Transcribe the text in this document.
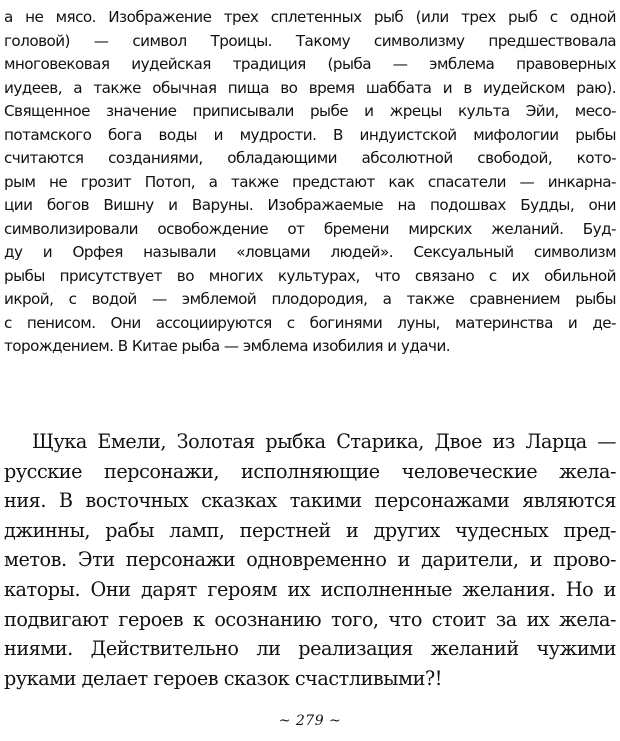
а не мясо. Изображение трех сплетенных рыб (или трех рыб с одной
головой) — символ Троицы. Такому символизму предшествовала
многовековая иудейская традиция (рыба — эмблема правоверных
иудеев, а также обычная пища во время шаббата и в иудейском раю).
Священное значение приписывали рыбе и жрецы культа Эйи, месо-
потамского бога воды и мудрости. В индуистской мифологии рыбы
считаются созданиями, обладающими абсолютной свободой, кото-
рым не грозит Потоп, а также предстают как спасатели — инкарна-
ции богов Вишну и Варуны. Изображаемые на подошвах Будды, они
символизировали освобождение от бремени мирских желаний. Буд-
ду и Орфея называли «ловцами людей». Сексуальный символизм
рыбы присутствует во многих культурах, что связано с их обильной
икрой, с водой — эмблемой плодородия, а также сравнением рыбы
с пенисом. Они ассоциируются с богинями луны, материнства и де-
торождением. В Китае рыба — эмблема изобилия и удачи.
Щука Емели, Золотая рыбка Старика, Двое из Ларца —
русские персонажи, исполняющие человеческие жела-
ния. В восточных сказках такими персонажами являются
джинны, рабы ламп, перстней и других чудесных пред-
метов. Эти персонажи одновременно и дарители, и прово-
каторы. Они дарят героям их исполненные желания. Но и
подвигают героев к осознанию того, что стоит за их жела-
ниями. Действительно ли реализация желаний чужими
руками делает героев сказок счастливыми?!
~ 279 ~
